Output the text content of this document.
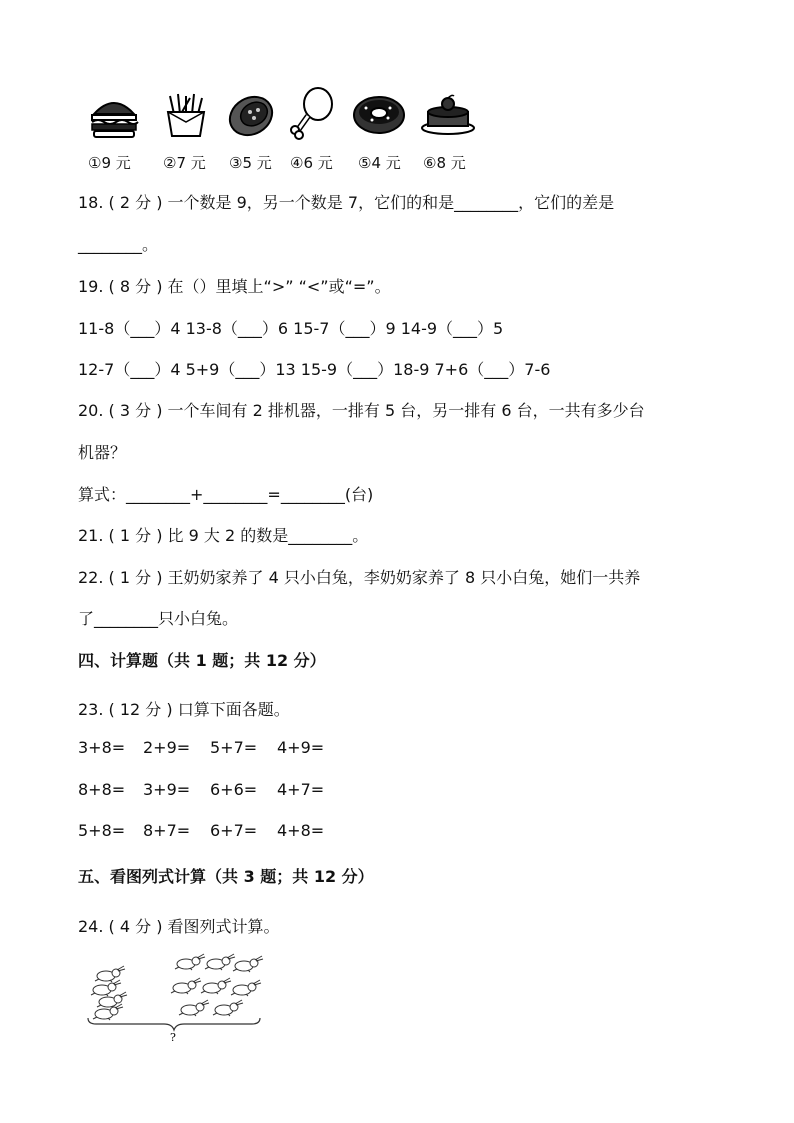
①9 元 ②7 元 ③5 元 ④6 元 ⑤4 元 ⑥8 元
18. ( 2 分 ) 一个数是 9，另一个数是 7，它们的和是________，它们的差是
________。
19. ( 8 分 ) 在（）里填上“>” “<”或“=”。
11-8（___）4 13-8（___）6 15-7（___）9 14-9（___）5
12-7（___）4 5+9（___）13 15-9（___）18-9 7+6（___）7-6
20. ( 3 分 ) 一个车间有 2 排机器，一排有 5 台，另一排有 6 台，一共有多少台
机器？
算式：________+________=________(台)
21. ( 1 分 ) 比 9 大 2 的数是________。
22. ( 1 分 ) 王奶奶家养了 4 只小白兔，李奶奶家养了 8 只小白兔，她们一共养
了________只小白兔。
四、计算题（共 1 题；共 12 分）
23. ( 12 分 ) 口算下面各题。
3+8= 2+9= 5+7= 4+9=
8+8= 3+9= 6+6= 4+7=
5+8= 8+7= 6+7= 4+8=
五、看图列式计算（共 3 题；共 12 分）
24. ( 4 分 ) 看图列式计算。
?
